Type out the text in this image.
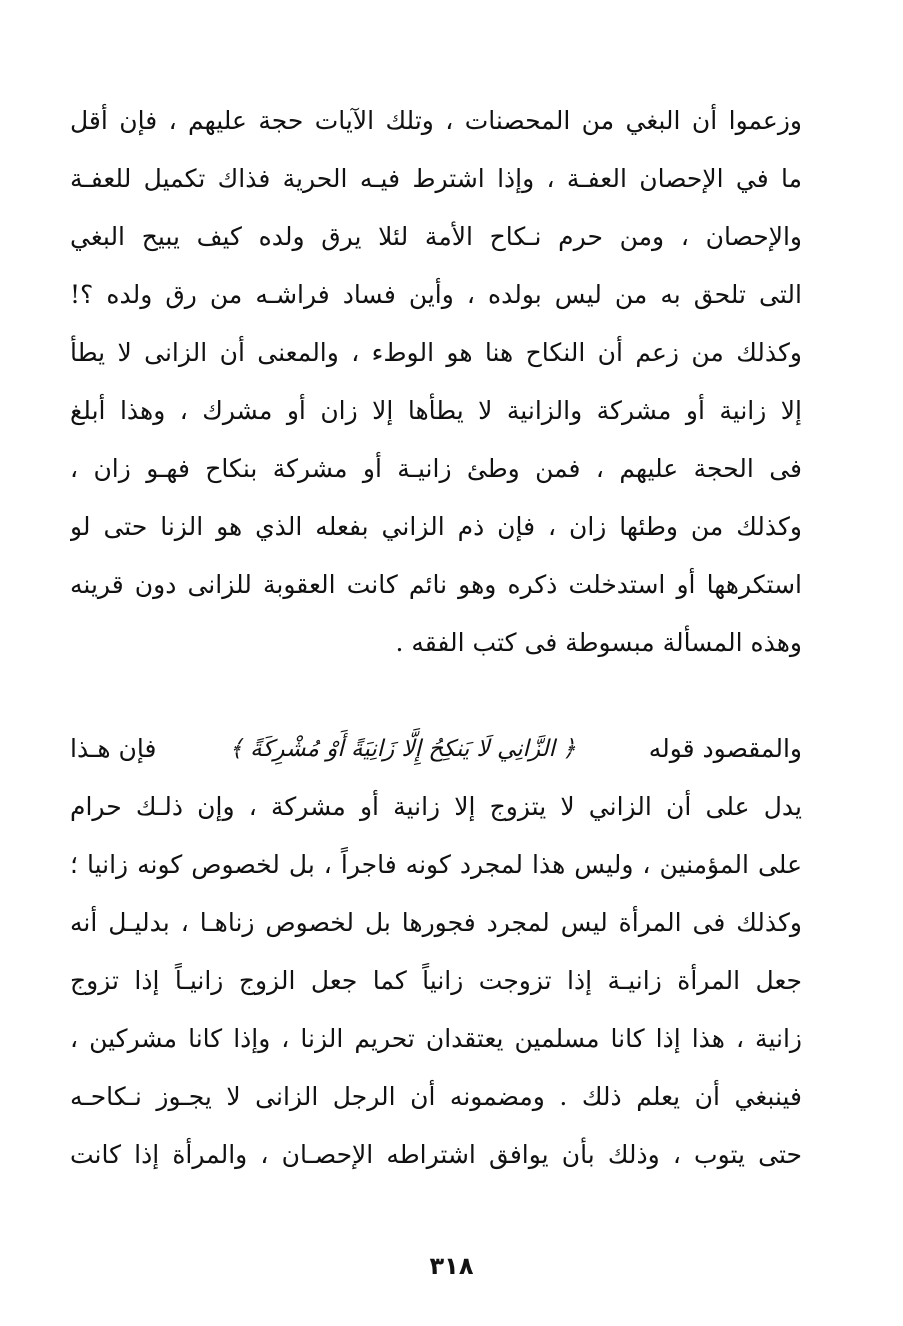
وزعموا أن البغي من المحصنات ، وتلك الآيات حجة عليهم ، فإن أقل
ما في الإحصان العفـة ، وإذا اشترط فيـه الحرية فذاك تكميل للعفـة
والإحصان ، ومن حرم نـكاح الأمة لئلا يرق ولده كيف يبيح البغي
التى تلحق به من ليس بولده ، وأين فساد فراشـه من رق ولده ؟!
وكذلك من زعم أن النكاح هنا هو الوطء ، والمعنى أن الزانى لا يطأ
إلا زانية أو مشركة والزانية لا يطأها إلا زان أو مشرك ، وهذا أبلغ
فى الحجة عليهم ، فمن وطئ زانيـة أو مشركة بنكاح فهـو زان ،
وكذلك من وطئها زان ، فإن ذم الزاني بفعله الذي هو الزنا حتى لو
استكرهها أو استدخلت ذكره وهو نائم كانت العقوبة للزانى دون قرينه
وهذه المسألة مبسوطة فى كتب الفقه .
والمقصود قوله
﴿ الزَّانِي لَا يَنكِحُ إِلَّا زَانِيَةً أَوْ مُشْرِكَةً ﴾
فإن هـذا
يدل على أن الزاني لا يتزوج إلا زانية أو مشركة ، وإن ذلـك حرام
على المؤمنين ، وليس هذا لمجرد كونه فاجراً ، بل لخصوص كونه زانيا ؛
وكذلك فى المرأة ليس لمجرد فجورها بل لخصوص زناهـا ، بدليـل أنه
جعل المرأة زانيـة إذا تزوجت زانياً كما جعل الزوج زانيـاً إذا تزوج
زانية ، هذا إذا كانا مسلمين يعتقدان تحريم الزنا ، وإذا كانا مشركين ،
فينبغي أن يعلم ذلك . ومضمونه أن الرجل الزانى لا يجـوز نـكاحـه
حتى يتوب ، وذلك بأن يوافق اشتراطه الإحصـان ، والمرأة إذا كانت
٣١٨
